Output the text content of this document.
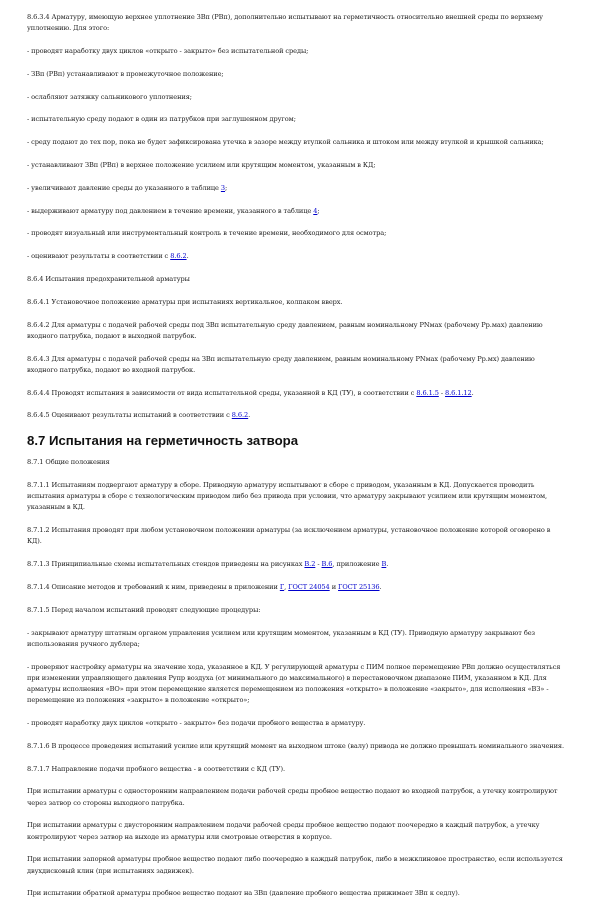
8.6.3.4 Арматуру, имеющую верхнее уплотнение ЗВп (РВп), дополнительно испытывают на герметичность относительно внешней среды по верхнему уплотнению. Для этого:

- проводят наработку двух циклов «открыто - закрыто» без испытательной среды;

- ЗВп (РВп) устанавливают в промежуточное положение;

- ослабляют затяжку сальникового уплотнения;

- испытательную среду подают в один из патрубков при заглушенном другом;

- среду подают до тех пор, пока не будет зафиксирована утечка в зазоре между втулкой сальника и штоком или между втулкой и крышкой сальника;

- устанавливают ЗВп (РВп) в верхнее положение усилием или крутящим моментом, указанным в КД;

- увеличивают давление среды до указанного в таблице 3;

- выдерживают арматуру под давлением в течение времени, указанного в таблице 4;

- проводят визуальный или инструментальный контроль в течение времени, необходимого для осмотра;

- оценивают результаты в соответствии с 8.6.2.

8.6.4 Испытания предохранительной арматуры

8.6.4.1 Установочное положение арматуры при испытаниях вертикальное, колпаком вверх.

8.6.4.2 Для арматуры с подачей рабочей среды под ЗВп испытательную среду давлением, равным номинальному PNмах (рабочему Рр.мах) давлению входного патрубка, подают в выходной патрубок.

8.6.4.3 Для арматуры с подачей рабочей среды на ЗВп испытательную среду давлением, равным номинальному PNмах (рабочему Рр.мх) давлению входного патрубка, подают во входной патрубок.

8.6.4.4 Проводят испытания в зависимости от вида испытательной среды, указанной в КД (ТУ), в соответствии с 8.6.1.5 - 8.6.1.12.

8.6.4.5 Оценивают результаты испытаний в соответствии с 8.6.2.

8.7 Испытания на герметичность затвора

8.7.1 Общие положения

8.7.1.1 Испытаниям подвергают арматуру в сборе. Приводную арматуру испытывают в сборе с приводом, указанным в КД. Допускается проводить испытания арматуры в сборе с технологическим приводом либо без привода при условии, что арматуру закрывают усилием или крутящим моментом, указанным в КД.

8.7.1.2 Испытания проводят при любом установочном положении арматуры (за исключением арматуры, установочное положение которой оговорено в КД).

8.7.1.3 Принципиальные схемы испытательных стендов приведены на рисунках В.2 - В.6, приложение В.

8.7.1.4 Описание методов и требований к ним, приведены в приложении Г, ГОСТ 24054 и ГОСТ 25136.

8.7.1.5 Перед началом испытаний проводят следующие процедуры:

- закрывают арматуру штатным органом управления усилием или крутящим моментом, указанным в КД (ТУ). Приводную арматуру закрывают без использования ручного дублера;

- проверяют настройку арматуры на значение хода, указанное в КД. У регулирующей арматуры с ПИМ полное перемещение РВп должно осуществляться при изменении управляющего давления Рупр воздуха (от минимального до максимального) в перестановочном диапазоне ПИМ, указанном в КД. Для арматуры исполнения «ВО» при этом перемещение является перемещением из положения «открыто» в положение «закрыто», для исполнения «ВЗ» - перемещение из положения «закрыто» в положение «открыто»;

- проводят наработку двух циклов «открыто - закрыто» без подачи пробного вещества в арматуру.

8.7.1.6 В процессе проведения испытаний усилие или крутящий момент на выходном штоке (валу) привода не должно превышать номинального значения.

8.7.1.7 Направление подачи пробного вещества - в соответствии с КД (ТУ).

При испытании арматуры с односторонним направлением подачи рабочей среды пробное вещество подают во входной патрубок, а утечку контролируют через затвор со стороны выходного патрубка.

При испытании арматуры с двусторонним направлением подачи рабочей среды пробное вещество подают поочередно в каждый патрубок, а утечку контролируют через затвор на выходе из арматуры или смотровые отверстия в корпусе.

При испытании запорной арматуры пробное вещество подают либо поочередно в каждый патрубок, либо в межклиновое пространство, если используется двухдисковый клин (при испытаниях задвижек).

При испытании обратной арматуры пробное вещество подают на ЗВп (давление пробного вещества прижимает ЗВп к седлу).
